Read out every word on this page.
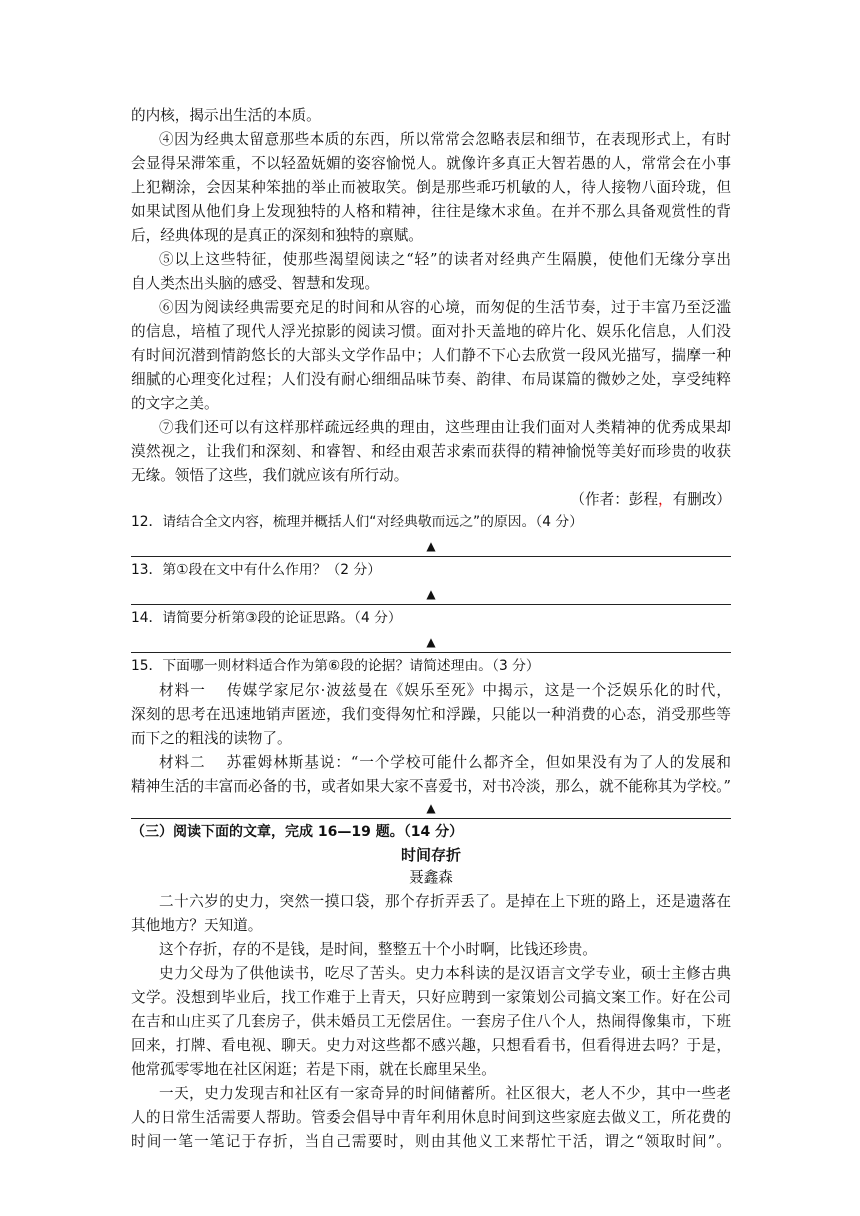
的内核，揭示出生活的本质。
④因为经典太留意那些本质的东西，所以常常会忽略表层和细节，在表现形式上，有时
会显得呆滞笨重，不以轻盈妩媚的姿容愉悦人。就像许多真正大智若愚的人，常常会在小事
上犯糊涂，会因某种笨拙的举止而被取笑。倒是那些乖巧机敏的人，待人接物八面玲珑，但
如果试图从他们身上发现独特的人格和精神，往往是缘木求鱼。在并不那么具备观赏性的背
后，经典体现的是真正的深刻和独特的禀赋。
⑤以上这些特征，使那些渴望阅读之“轻”的读者对经典产生隔膜，使他们无缘分享出
自人类杰出头脑的感受、智慧和发现。
⑥因为阅读经典需要充足的时间和从容的心境，而匆促的生活节奏，过于丰富乃至泛滥
的信息，培植了现代人浮光掠影的阅读习惯。面对扑天盖地的碎片化、娱乐化信息，人们没
有时间沉潜到情韵悠长的大部头文学作品中；人们静不下心去欣赏一段风光描写，揣摩一种
细腻的心理变化过程；人们没有耐心细细品味节奏、韵律、布局谋篇的微妙之处，享受纯粹
的文字之美。
⑦我们还可以有这样那样疏远经典的理由，这些理由让我们面对人类精神的优秀成果却
漠然视之，让我们和深刻、和睿智、和经由艰苦求索而获得的精神愉悦等美好而珍贵的收获
无缘。领悟了这些，我们就应该有所行动。
（作者：彭程，有删改）
12．请结合全文内容，梳理并概括人们“对经典敬而远之”的原因。（4 分）
▲
13．第①段在文中有什么作用？（2 分）
▲
14．请简要分析第③段的论证思路。（4 分）
▲
15．下面哪一则材料适合作为第⑥段的论据？请简述理由。（3 分）
材料一　 传媒学家尼尔·波兹曼在《娱乐至死》中揭示，这是一个泛娱乐化的时代，
深刻的思考在迅速地销声匿迹，我们变得匆忙和浮躁，只能以一种消费的心态，消受那些等
而下之的粗浅的读物了。
材料二　 苏霍姆林斯基说：“一个学校可能什么都齐全，但如果没有为了人的发展和
精神生活的丰富而必备的书，或者如果大家不喜爱书，对书冷淡，那么，就不能称其为学校。”
▲
（三）阅读下面的文章，完成 16—19 题。（14 分）
时间存折
聂鑫森
二十六岁的史力，突然一摸口袋，那个存折弄丢了。是掉在上下班的路上，还是遗落在
其他地方？天知道。
这个存折，存的不是钱，是时间，整整五十个小时啊，比钱还珍贵。
史力父母为了供他读书，吃尽了苦头。史力本科读的是汉语言文学专业，硕士主修古典
文学。没想到毕业后，找工作难于上青天，只好应聘到一家策划公司搞文案工作。好在公司
在吉和山庄买了几套房子，供未婚员工无偿居住。一套房子住八个人，热闹得像集市，下班
回来，打牌、看电视、聊天。史力对这些都不感兴趣，只想看看书，但看得进去吗？于是，
他常孤零零地在社区闲逛；若是下雨，就在长廊里呆坐。
一天，史力发现吉和社区有一家奇异的时间储蓄所。社区很大，老人不少，其中一些老
人的日常生活需要人帮助。管委会倡导中青年利用休息时间到这些家庭去做义工，所花费的
时间一笔一笔记于存折，当自己需要时，则由其他义工来帮忙干活，谓之“领取时间”。
